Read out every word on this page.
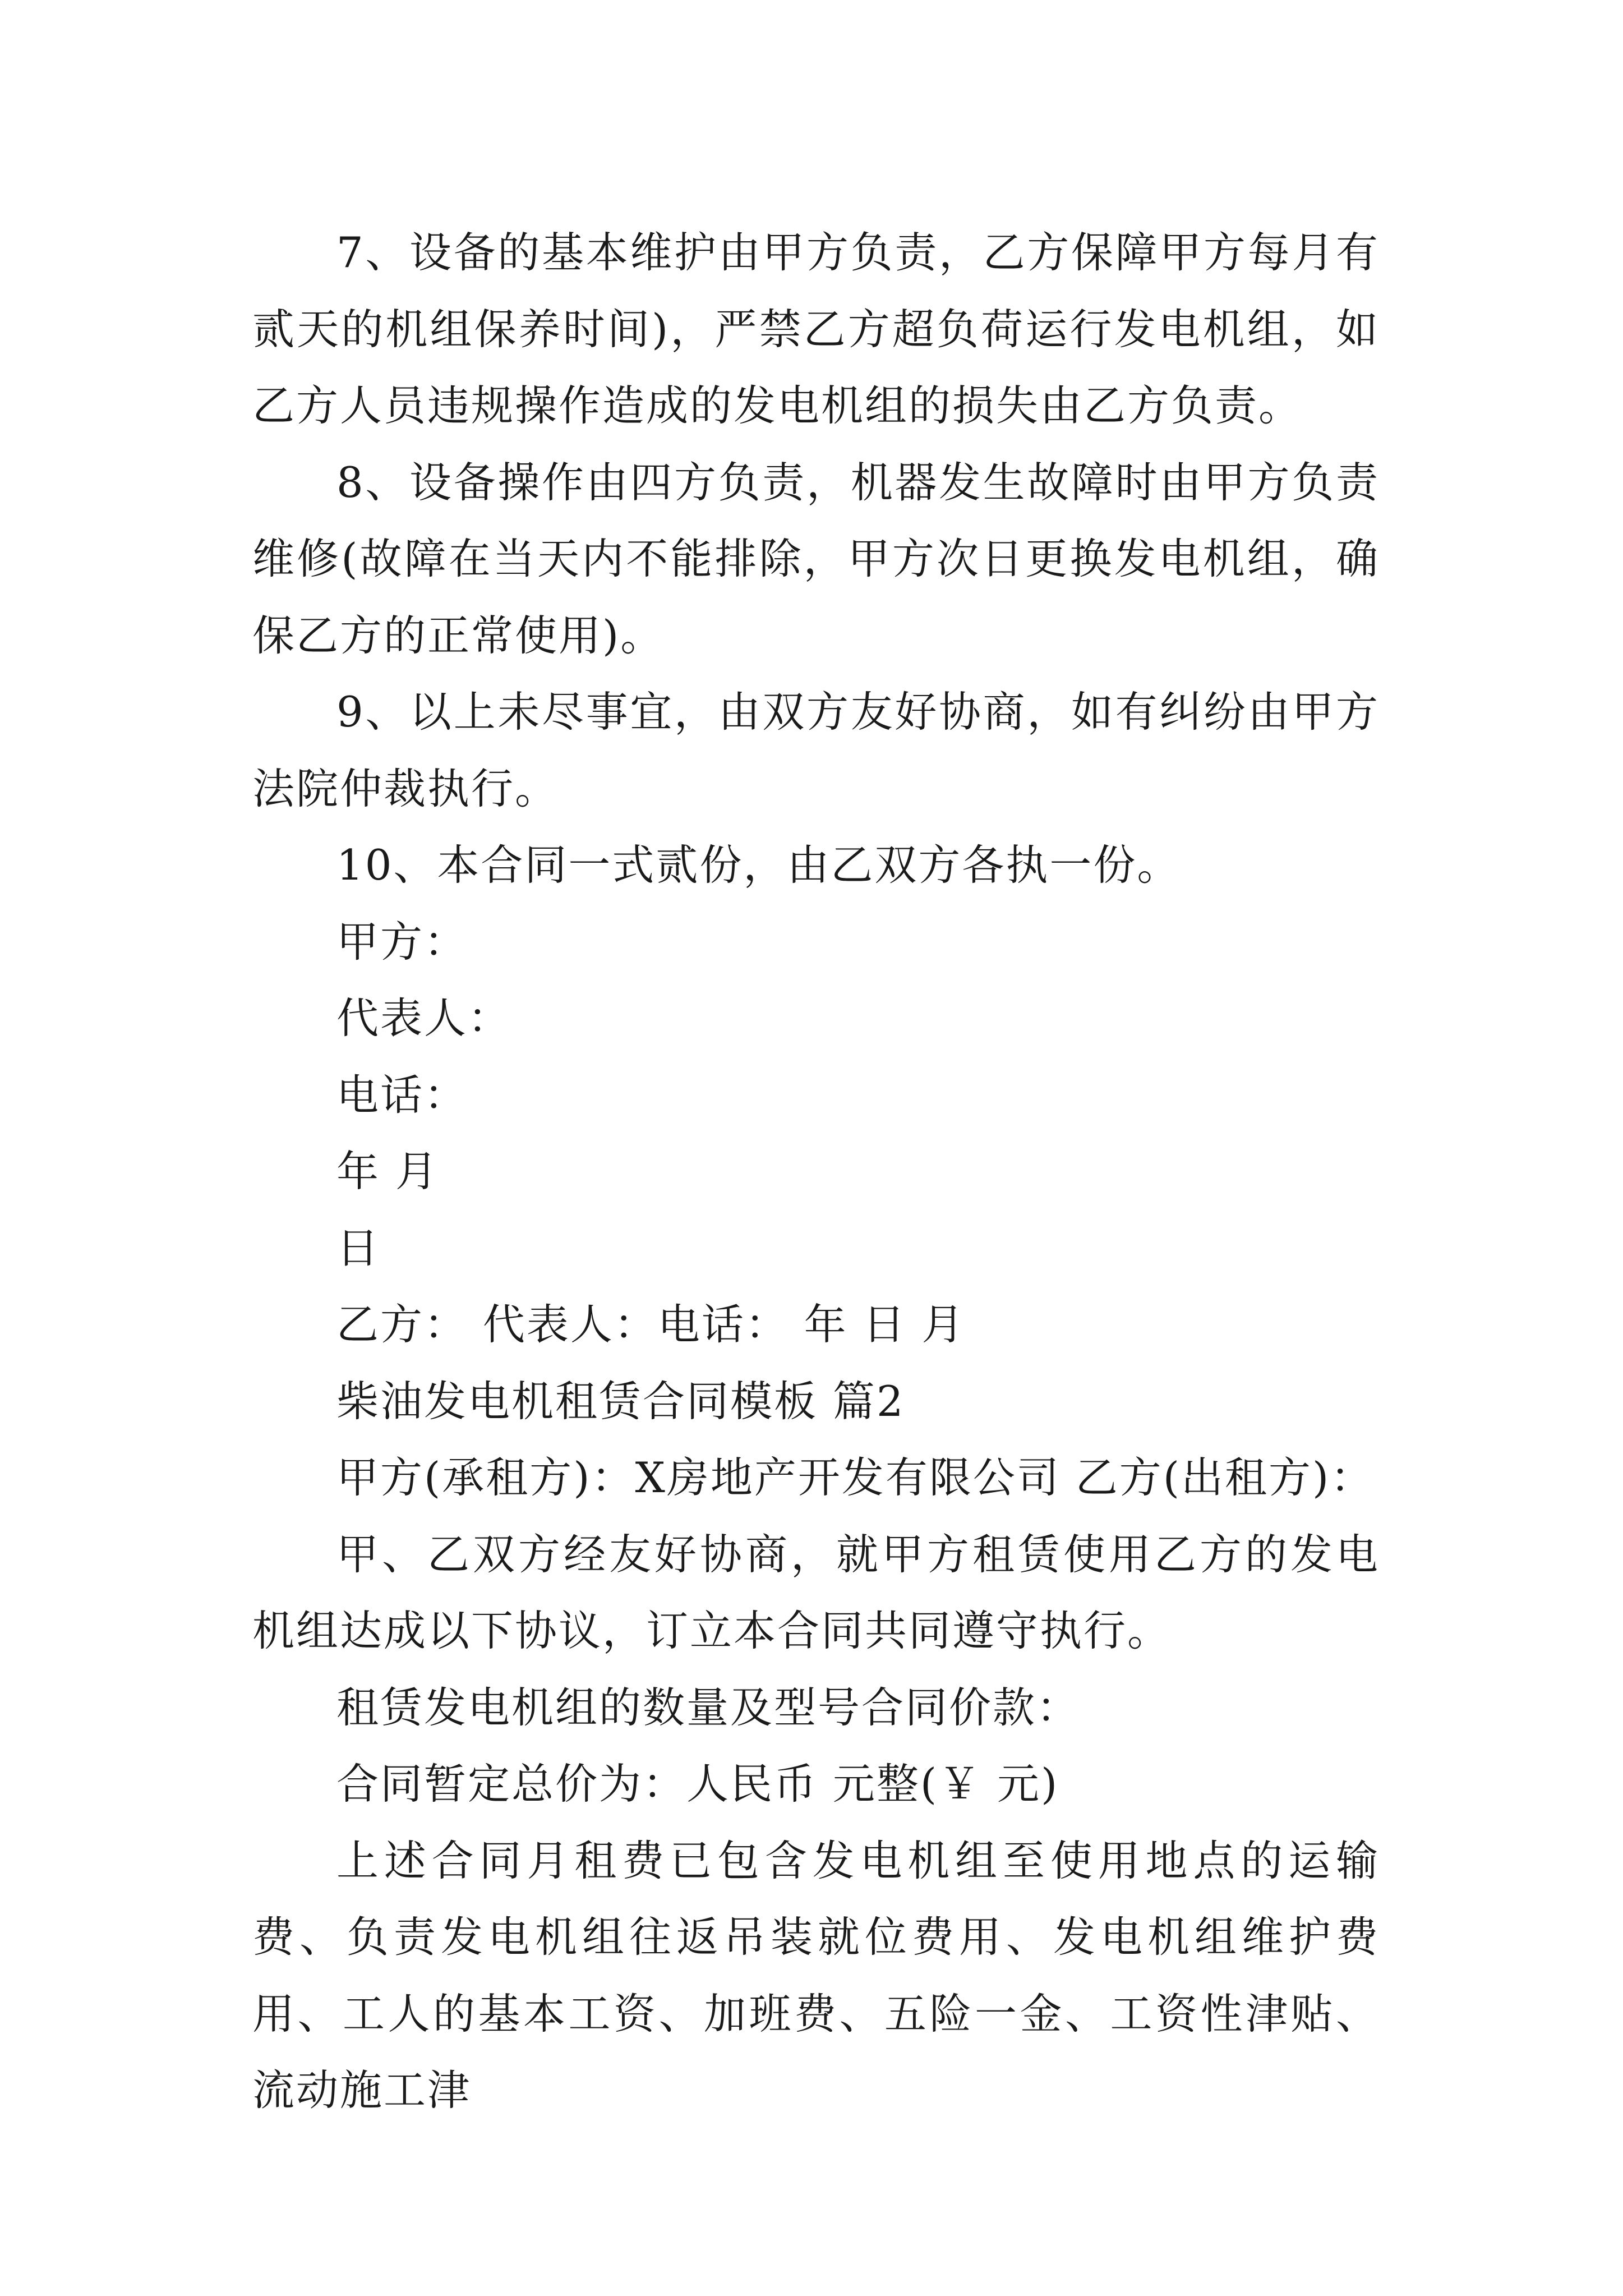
7、设备的基本维护由甲方负责，乙方保障甲方每月有贰天的机组保养时间)，严禁乙方超负荷运行发电机组，如乙方人员违规操作造成的发电机组的损失由乙方负责。

8、设备操作由四方负责，机器发生故障时由甲方负责维修(故障在当天内不能排除，甲方次日更换发电机组，确保乙方的正常使用)。

9、以上未尽事宜，由双方友好协商，如有纠纷由甲方法院仲裁执行。

10、本合同一式贰份，由乙双方各执一份。

甲方：

代表人：

电话：

年 月

日

乙方： 代表人：电话： 年 日 月

柴油发电机租赁合同模板 篇2

甲方(承租方)：X房地产开发有限公司 乙方(出租方)：

甲、乙双方经友好协商，就甲方租赁使用乙方的发电机组达成以下协议，订立本合同共同遵守执行。

租赁发电机组的数量及型号合同价款：

合同暂定总价为：人民币 元整(￥ 元)

上述合同月租费已包含发电机组至使用地点的运输费、负责发电机组往返吊装就位费用、发电机组维护费用、工人的基本工资、加班费、五险一金、工资性津贴、流动施工津
